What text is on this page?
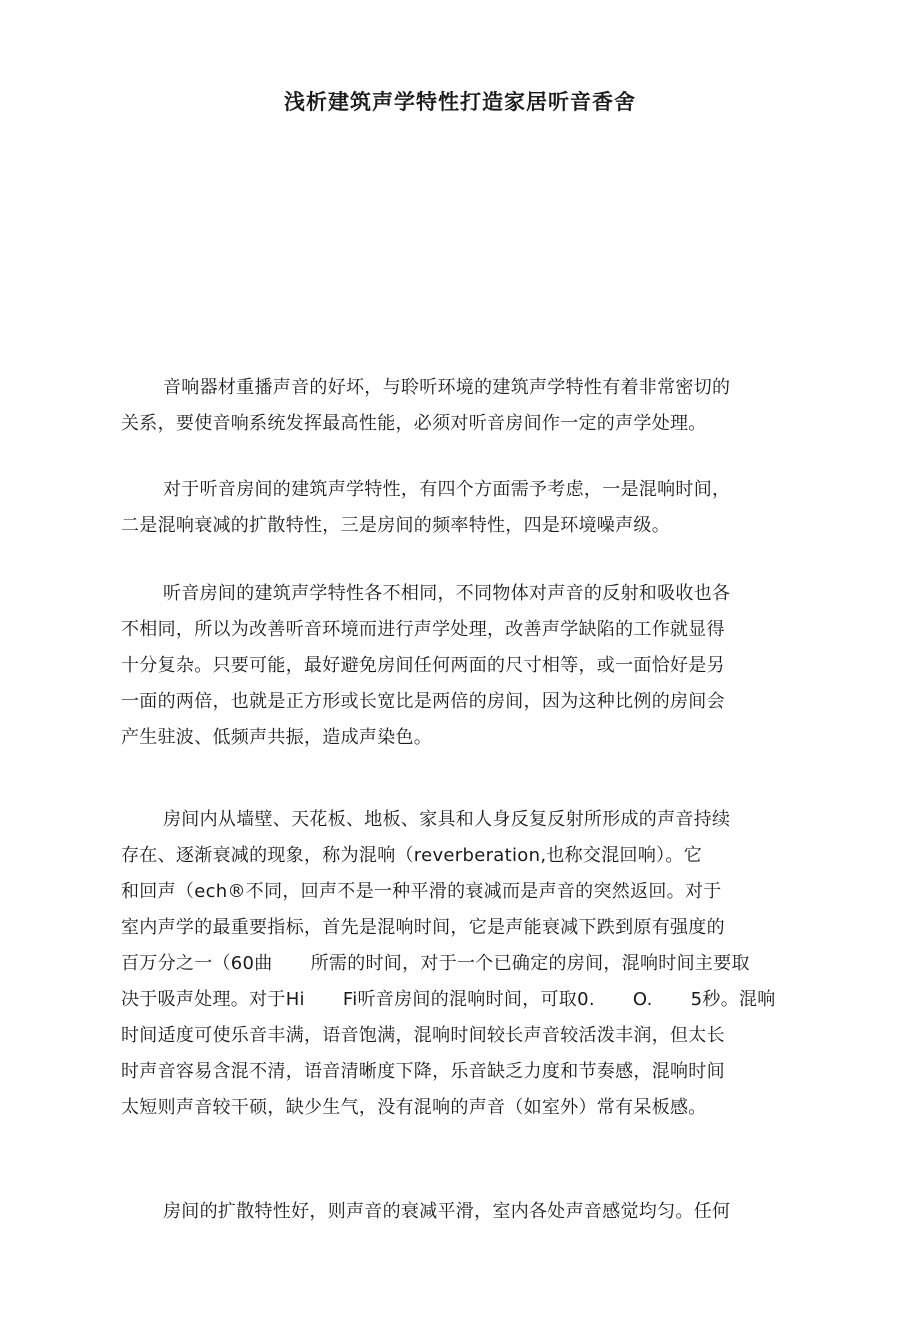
浅析建筑声学特性打造家居听音香舍
音响器材重播声音的好坏，与聆听环境的建筑声学特性有着非常密切的
关系，要使音响系统发挥最高性能，必须对听音房间作一定的声学处理。
对于听音房间的建筑声学特性，有四个方面需予考虑，一是混响时间，
二是混响衰减的扩散特性，三是房间的频率特性，四是环境噪声级。
听音房间的建筑声学特性各不相同，不同物体对声音的反射和吸收也各
不相同，所以为改善听音环境而进行声学处理，改善声学缺陷的工作就显得
十分复杂。只要可能，最好避免房间任何两面的尺寸相等，或一面恰好是另
一面的两倍，也就是正方形或长宽比是两倍的房间，因为这种比例的房间会
产生驻波、低频声共振，造成声染色。
房间内从墙壁、天花板、地板、家具和人身反复反射所形成的声音持续
存在、逐渐衰减的现象，称为混响（reverberation,也称交混回响）。它
和回声（ech®不同，回声不是一种平滑的衰减而是声音的突然返回。对于
室内声学的最重要指标，首先是混响时间，它是声能衰减下跌到原有强度的
百万分之一（60曲 所需的时间，对于一个已确定的房间，混响时间主要取
决于吸声处理。对于Hi Fi听音房间的混响时间，可取0. O. 5秒。混响
时间适度可使乐音丰满，语音饱满，混响时间较长声音较活泼丰润，但太长
时声音容易含混不清，语音清晰度下降，乐音缺乏力度和节奏感，混响时间
太短则声音较干硕，缺少生气，没有混响的声音（如室外）常有呆板感。
房间的扩散特性好，则声音的衰减平滑，室内各处声音感觉均匀。任何
